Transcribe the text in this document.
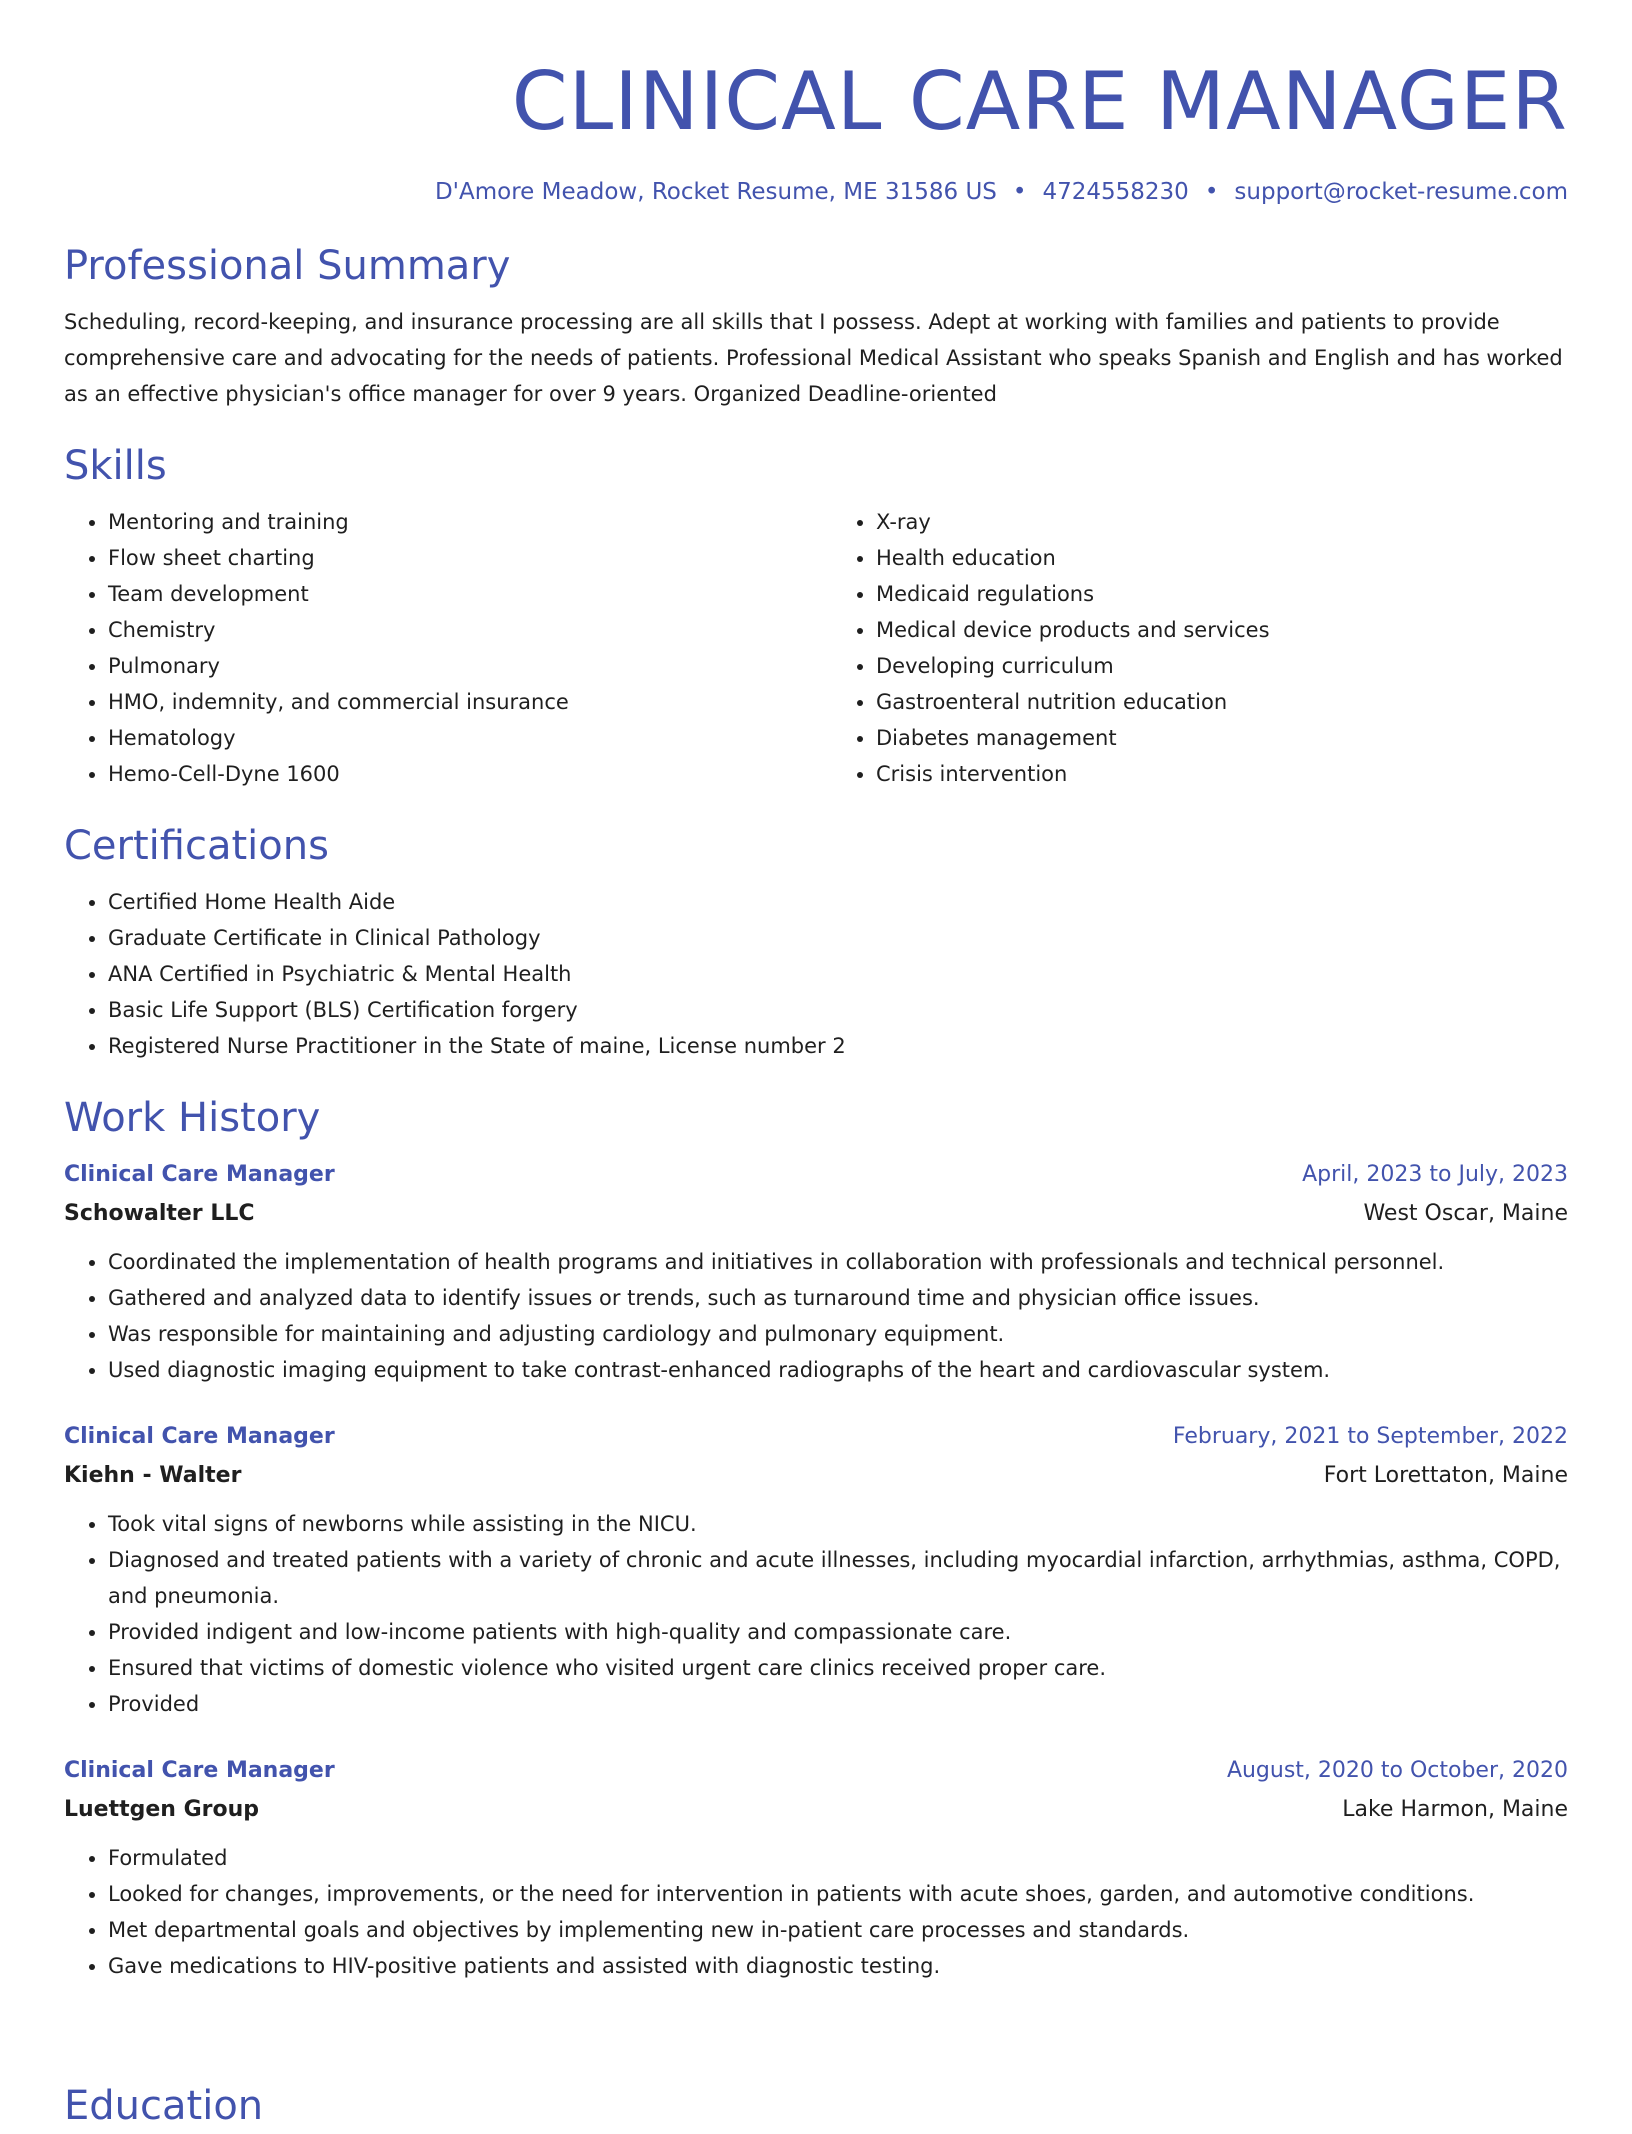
CLINICAL CARE MANAGER
D'Amore Meadow, Rocket Resume, ME 31586 US • 4724558230 • support@rocket-resume.com
Professional Summary

Scheduling, record-keeping, and insurance processing are all skills that I possess. Adept at working with families and patients to provide comprehensive care and advocating for the needs of patients. Professional Medical Assistant who speaks Spanish and English and has worked as an effective physician's office manager for over 9 years. Organized Deadline-oriented

Skills
• Mentoring and training
• Flow sheet charting
• Team development
• Chemistry
• Pulmonary
• HMO, indemnity, and commercial insurance
• Hematology
• Hemo-Cell-Dyne 1600
• X-ray
• Health education
• Medicaid regulations
• Medical device products and services
• Developing curriculum
• Gastroenteral nutrition education
• Diabetes management
• Crisis intervention
Certifications
• Certified Home Health Aide
• Graduate Certificate in Clinical Pathology
• ANA Certified in Psychiatric & Mental Health
• Basic Life Support (BLS) Certification forgery
• Registered Nurse Practitioner in the State of maine, License number 2
Work History
Clinical Care Manager	April, 2023 to July, 2023
Schowalter LLC	West Oscar, Maine
• Coordinated the implementation of health programs and initiatives in collaboration with professionals and technical personnel.
• Gathered and analyzed data to identify issues or trends, such as turnaround time and physician office issues.
• Was responsible for maintaining and adjusting cardiology and pulmonary equipment.
• Used diagnostic imaging equipment to take contrast-enhanced radiographs of the heart and cardiovascular system.
Clinical Care Manager	February, 2021 to September, 2022
Kiehn - Walter	Fort Lorettaton, Maine
• Took vital signs of newborns while assisting in the NICU.
• Diagnosed and treated patients with a variety of chronic and acute illnesses, including myocardial infarction, arrhythmias, asthma, COPD, and pneumonia.
• Provided indigent and low-income patients with high-quality and compassionate care.
• Ensured that victims of domestic violence who visited urgent care clinics received proper care.
• Provided
Clinical Care Manager	August, 2020 to October, 2020
Luettgen Group	Lake Harmon, Maine
• Formulated
• Looked for changes, improvements, or the need for intervention in patients with acute shoes, garden, and automotive conditions.
• Met departmental goals and objectives by implementing new in-patient care processes and standards.
• Gave medications to HIV-positive patients and assisted with diagnostic testing.
Education
